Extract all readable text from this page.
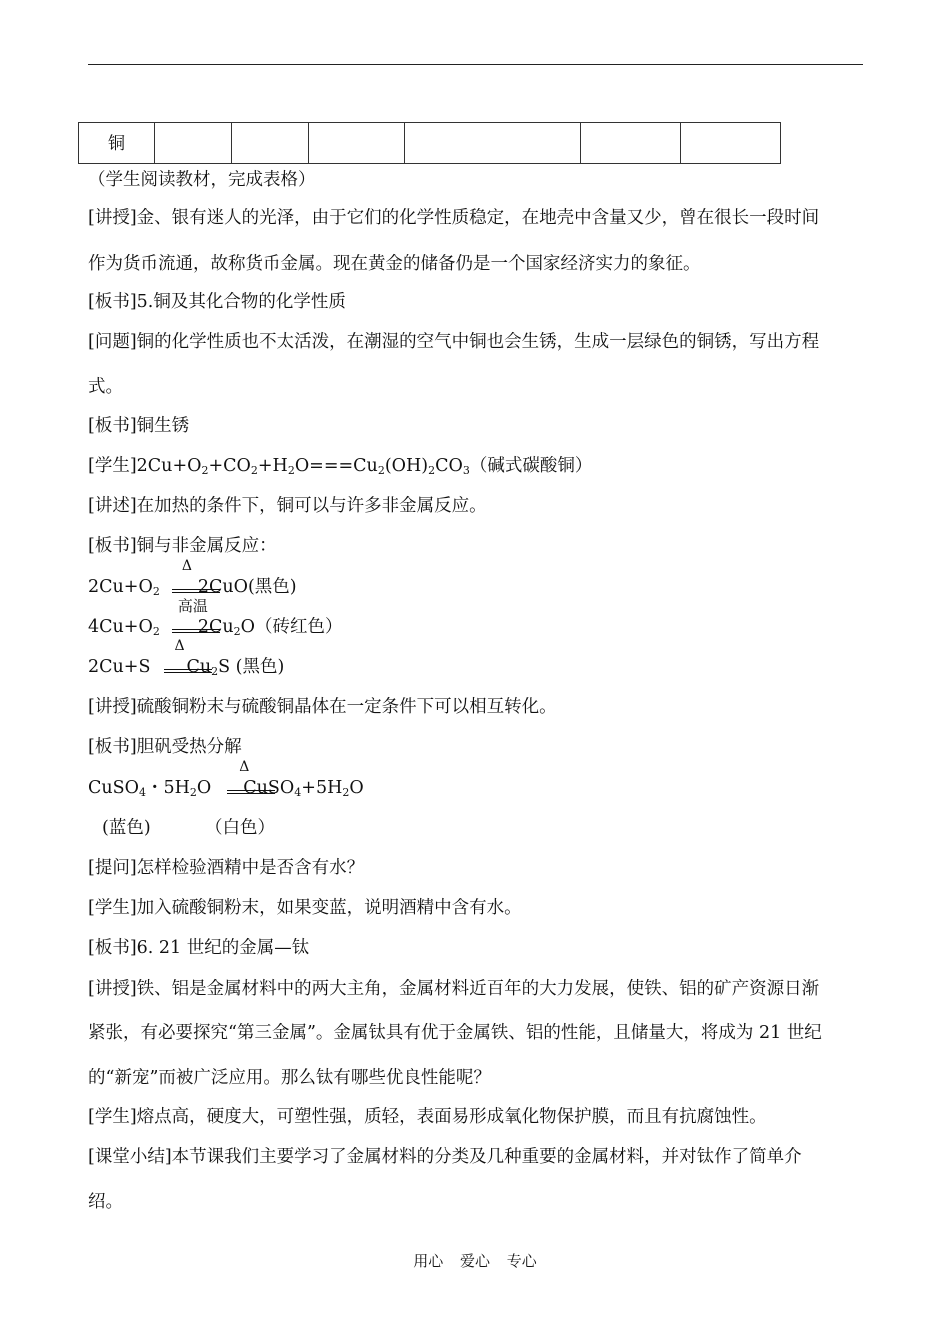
铜						
（学生阅读教材，完成表格）
[讲授]金、银有迷人的光泽，由于它们的化学性质稳定，在地壳中含量又少，曾在很长一段时间
作为货币流通，故称货币金属。现在黄金的储备仍是一个国家经济实力的象征。
[板书]5.铜及其化合物的化学性质
[问题]铜的化学性质也不太活泼，在潮湿的空气中铜也会生锈，生成一层绿色的铜锈，写出方程
式。
[板书]铜生锈
[学生]$2Cu+O_2+CO_2+H_2O===Cu_2(OH)_2CO_3$（碱式碳酸铜）
[讲述]在加热的条件下，铜可以与许多非金属反应。
[板书]铜与非金属反应：
$2Cu+O_2$
Δ
2CuO(黑色)
$4Cu+O_2$
高温
$2Cu_2O$（砖红色）
2Cu+S
Δ
$Cu_2S$ (黑色)
[讲授]硫酸铜粉末与硫酸铜晶体在一定条件下可以相互转化。
[板书]胆矾受热分解
CuSO$_4$・$5H_2O$
Δ
$CuSO_4+5H_2O$
(蓝色)	（白色）
[提问]怎样检验酒精中是否含有水？
[学生]加入硫酸铜粉末，如果变蓝，说明酒精中含有水。
[板书]6. 21 世纪的金属—钛
[讲授]铁、铝是金属材料中的两大主角，金属材料近百年的大力发展，使铁、铝的矿产资源日渐
紧张，有必要探究“第三金属”。金属钛具有优于金属铁、铝的性能，且储量大，将成为 21 世纪
的“新宠”而被广泛应用。那么钛有哪些优良性能呢？
[学生]熔点高，硬度大，可塑性强，质轻，表面易形成氧化物保护膜，而且有抗腐蚀性。
[课堂小结]本节课我们主要学习了金属材料的分类及几种重要的金属材料，并对钛作了简单介
绍。
用心 爱心 专心
